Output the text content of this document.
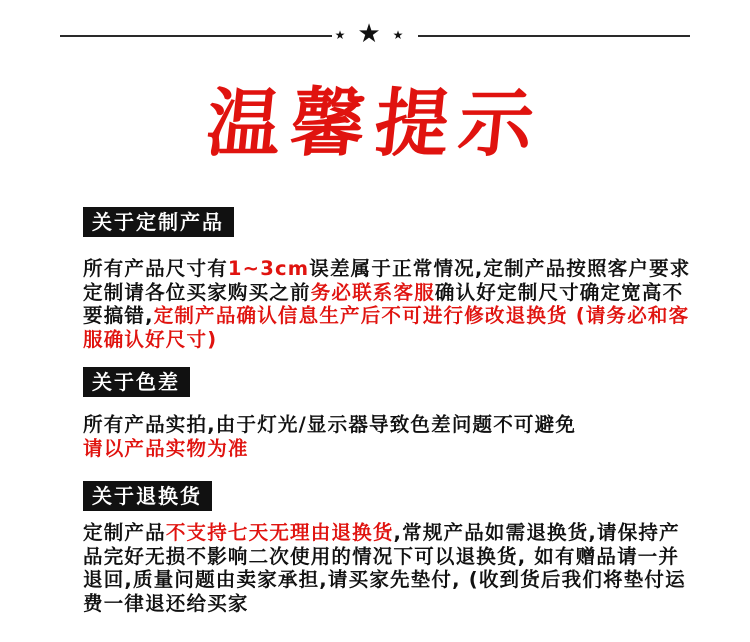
★★★
温馨提示
关于定制产品
所有产品尺寸有1~3cm误差属于正常情况,定制产品按照客户要求定制请各位买家购买之前务必联系客服确认好定制尺寸确定宽高不要搞错,定制产品确认信息生产后不可进行修改退换货 (请务必和客服确认好尺寸)
关于色差
所有产品实拍,由于灯光/显示器导致色差问题不可避免
请以产品实物为准
关于退换货
定制产品不支持七天无理由退换货,常规产品如需退换货,请保持产品完好无损不影响二次使用的情况下可以退换货, 如有赠品请一并退回,质量问题由卖家承担,请买家先垫付, (收到货后我们将垫付运费一律退还给买家
